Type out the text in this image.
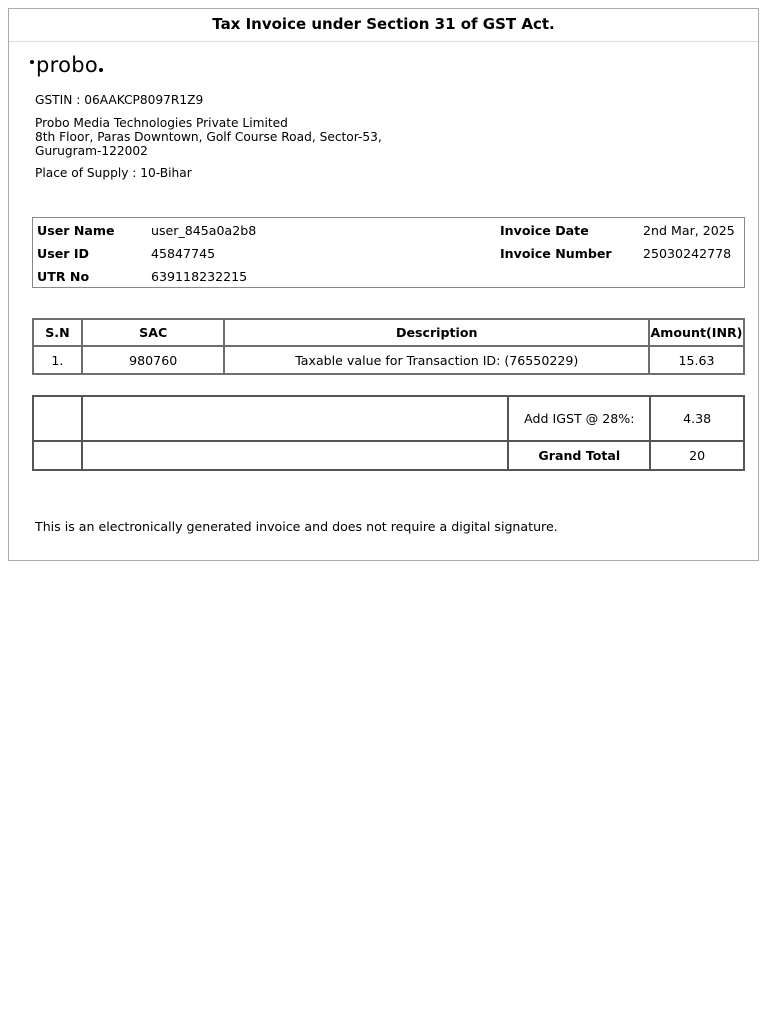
Tax Invoice under Section 31 of GST Act.
probo
GSTIN : 06AAKCP8097R1Z9
Probo Media Technologies Private Limited
8th Floor, Paras Downtown, Golf Course Road, Sector-53,
Gurugram-122002
Place of Supply : 10-Bihar
User Name	user_845a0a2b8
User ID	45847745
UTR No	639118232215
Invoice Date	2nd Mar, 2025
Invoice Number 25030242778
S.N	SAC	Description	Amount(INR)
1.	980760	Taxable value for Transaction ID: (76550229)	15.63
		Add IGST @ 28%:	4.38
		Grand Total	20
This is an electronically generated invoice and does not require a digital signature.
